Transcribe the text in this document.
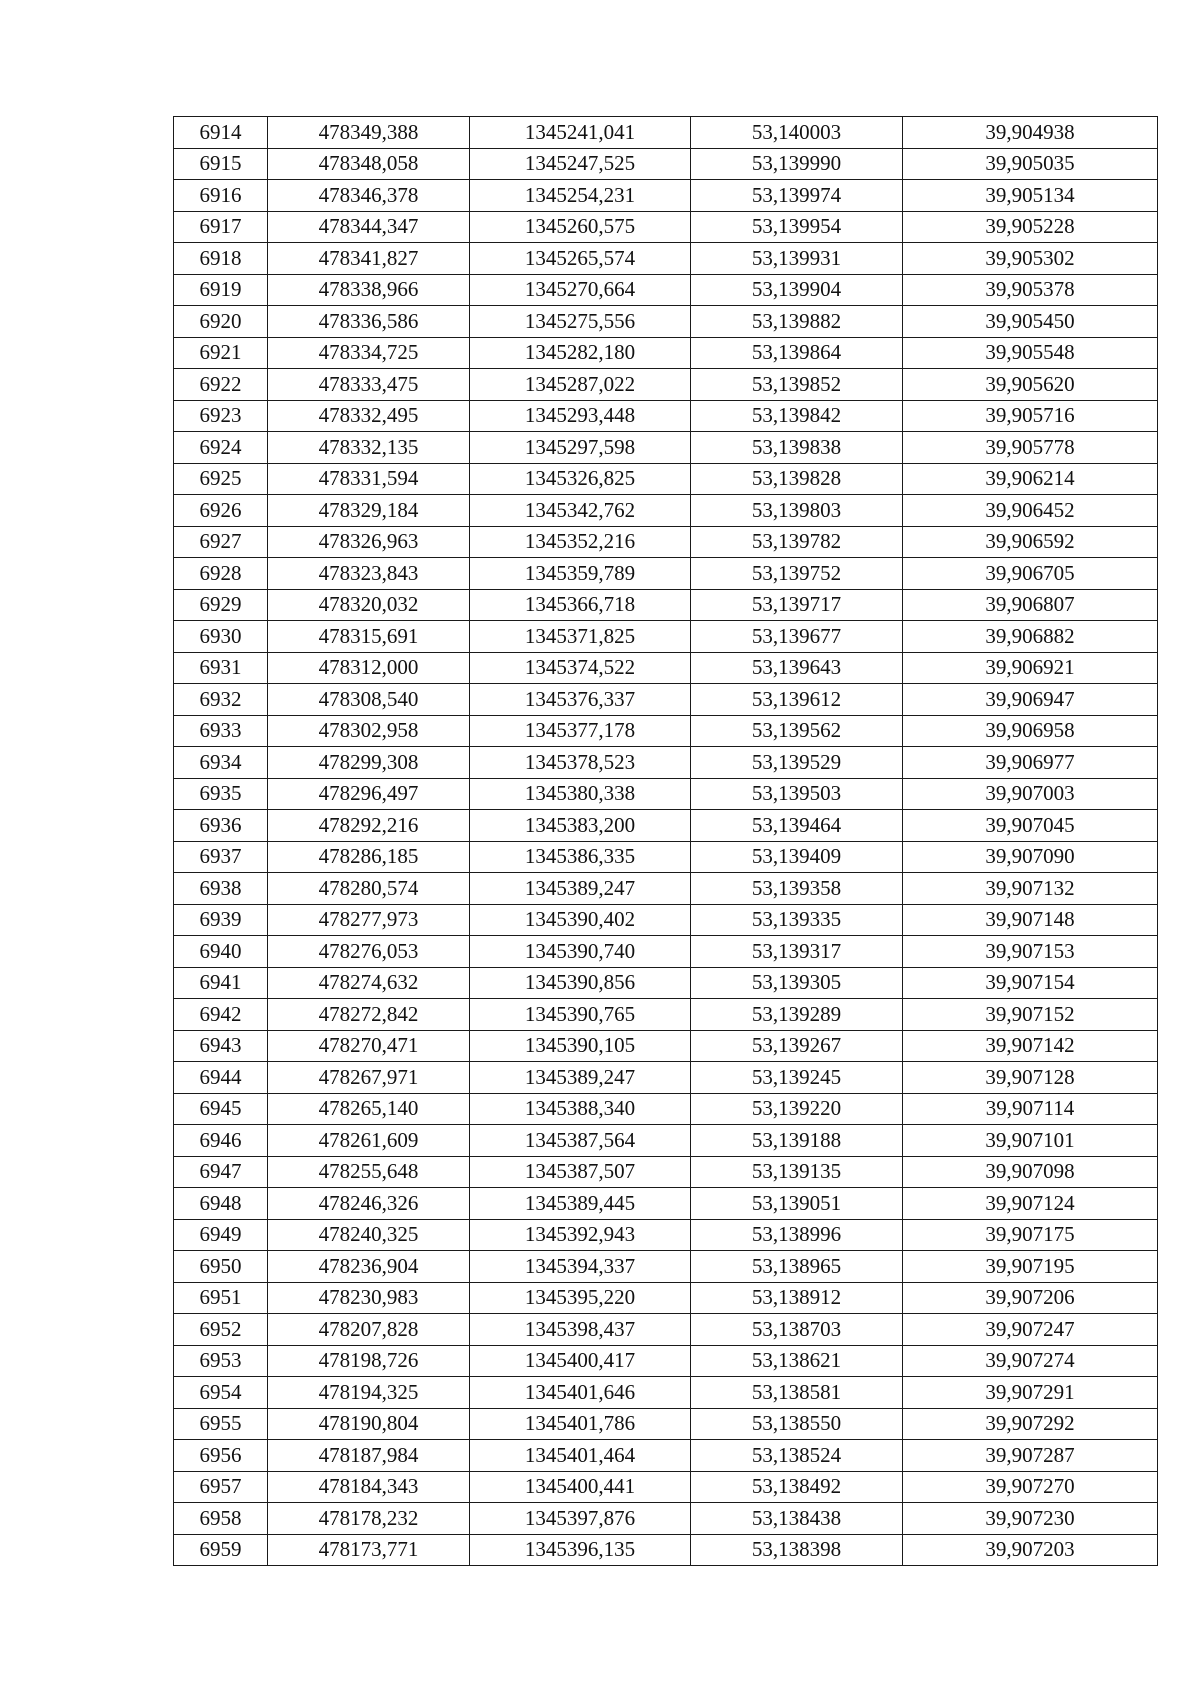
6914	478349,388	1345241,041	53,140003	39,904938
6915	478348,058	1345247,525	53,139990	39,905035
6916	478346,378	1345254,231	53,139974	39,905134
6917	478344,347	1345260,575	53,139954	39,905228
6918	478341,827	1345265,574	53,139931	39,905302
6919	478338,966	1345270,664	53,139904	39,905378
6920	478336,586	1345275,556	53,139882	39,905450
6921	478334,725	1345282,180	53,139864	39,905548
6922	478333,475	1345287,022	53,139852	39,905620
6923	478332,495	1345293,448	53,139842	39,905716
6924	478332,135	1345297,598	53,139838	39,905778
6925	478331,594	1345326,825	53,139828	39,906214
6926	478329,184	1345342,762	53,139803	39,906452
6927	478326,963	1345352,216	53,139782	39,906592
6928	478323,843	1345359,789	53,139752	39,906705
6929	478320,032	1345366,718	53,139717	39,906807
6930	478315,691	1345371,825	53,139677	39,906882
6931	478312,000	1345374,522	53,139643	39,906921
6932	478308,540	1345376,337	53,139612	39,906947
6933	478302,958	1345377,178	53,139562	39,906958
6934	478299,308	1345378,523	53,139529	39,906977
6935	478296,497	1345380,338	53,139503	39,907003
6936	478292,216	1345383,200	53,139464	39,907045
6937	478286,185	1345386,335	53,139409	39,907090
6938	478280,574	1345389,247	53,139358	39,907132
6939	478277,973	1345390,402	53,139335	39,907148
6940	478276,053	1345390,740	53,139317	39,907153
6941	478274,632	1345390,856	53,139305	39,907154
6942	478272,842	1345390,765	53,139289	39,907152
6943	478270,471	1345390,105	53,139267	39,907142
6944	478267,971	1345389,247	53,139245	39,907128
6945	478265,140	1345388,340	53,139220	39,907114
6946	478261,609	1345387,564	53,139188	39,907101
6947	478255,648	1345387,507	53,139135	39,907098
6948	478246,326	1345389,445	53,139051	39,907124
6949	478240,325	1345392,943	53,138996	39,907175
6950	478236,904	1345394,337	53,138965	39,907195
6951	478230,983	1345395,220	53,138912	39,907206
6952	478207,828	1345398,437	53,138703	39,907247
6953	478198,726	1345400,417	53,138621	39,907274
6954	478194,325	1345401,646	53,138581	39,907291
6955	478190,804	1345401,786	53,138550	39,907292
6956	478187,984	1345401,464	53,138524	39,907287
6957	478184,343	1345400,441	53,138492	39,907270
6958	478178,232	1345397,876	53,138438	39,907230
6959	478173,771	1345396,135	53,138398	39,907203
